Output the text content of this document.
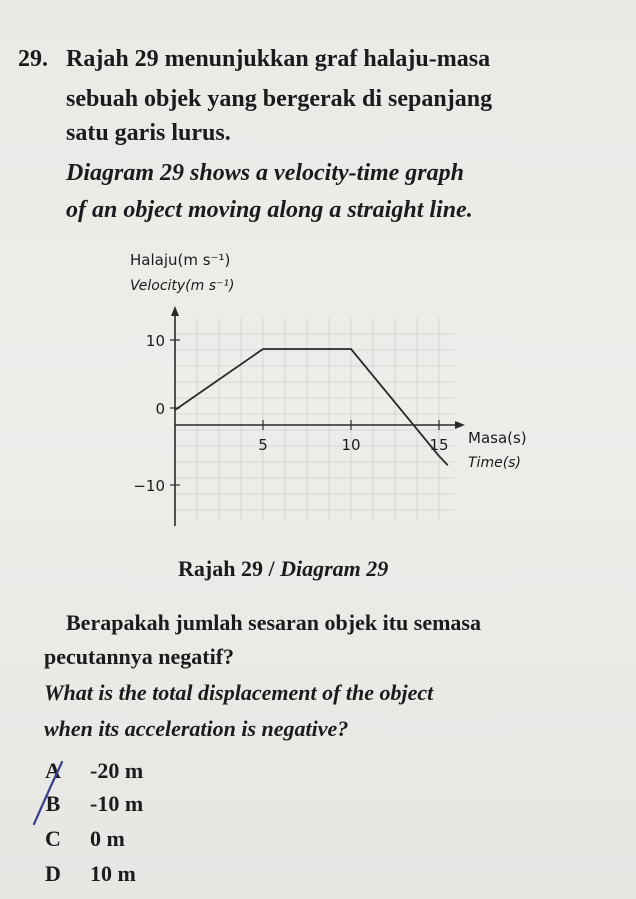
29. Rajah 29 menunjukkan graf halaju-masa
sebuah objek yang bergerak di sepanjang
satu garis lurus.
Diagram 29 shows a velocity-time graph
of an object moving along a straight line.
Halaju(m s⁻¹)
Velocity(m s⁻¹)
5	10	15
10
0
−10
Masa(s)
Time(s)
Rajah 29 / Diagram 29
Berapakah jumlah sesaran objek itu semasa
pecutannya negatif?
What is the total displacement of the object
when its acceleration is negative?
A -20 m
B -10 m
C 0 m
D 10 m
